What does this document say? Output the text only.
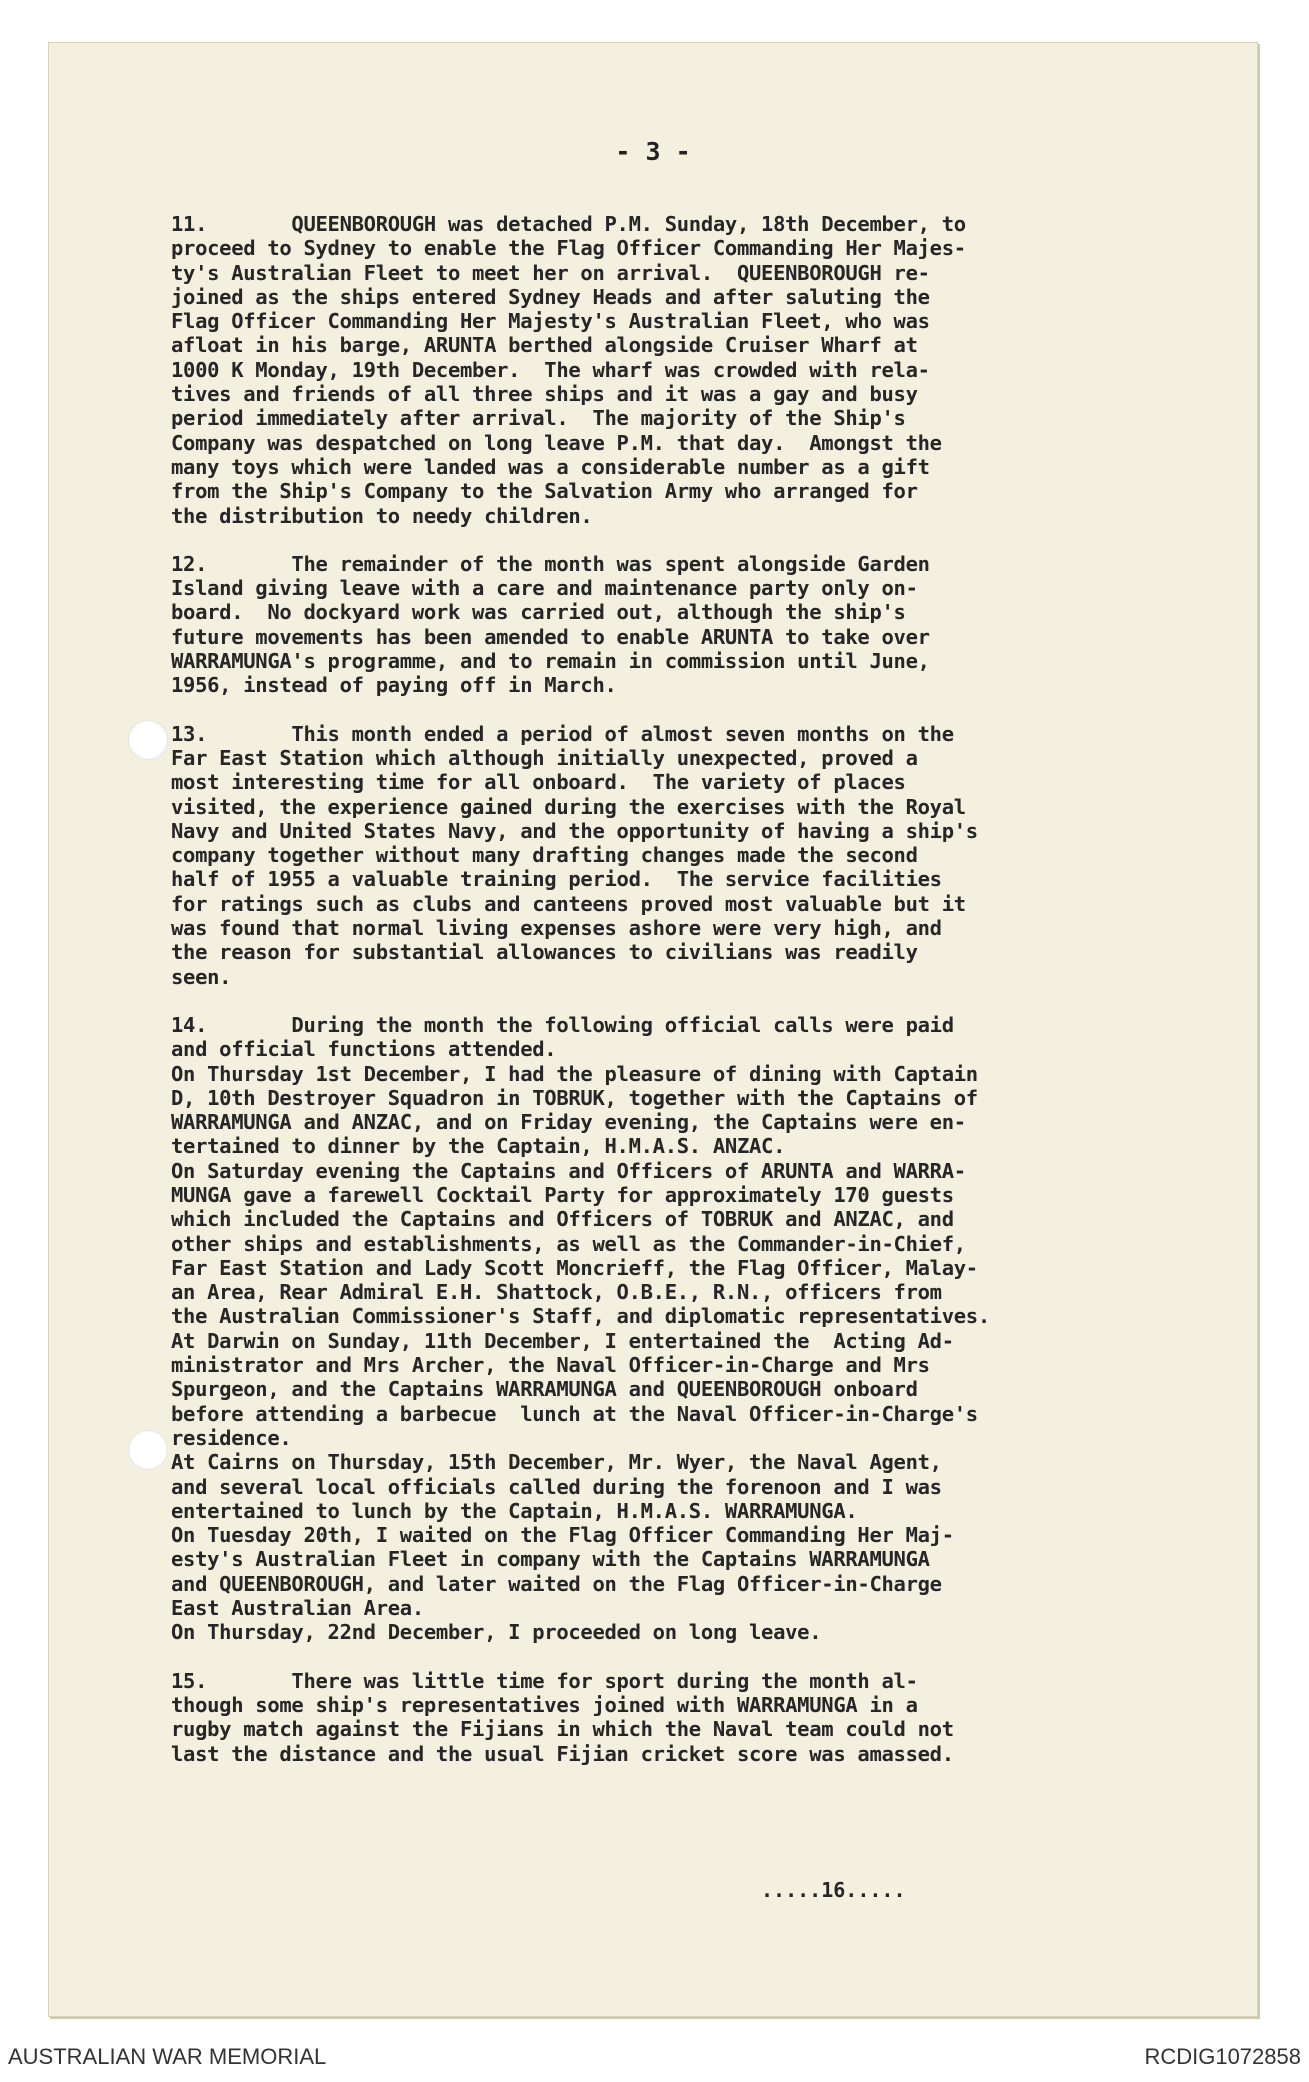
- 3 -
11.       QUEENBOROUGH was detached P.M. Sunday, 18th December, to
proceed to Sydney to enable the Flag Officer Commanding Her Majes-
ty's Australian Fleet to meet her on arrival.  QUEENBOROUGH re-
joined as the ships entered Sydney Heads and after saluting the
Flag Officer Commanding Her Majesty's Australian Fleet, who was
afloat in his barge, ARUNTA berthed alongside Cruiser Wharf at
1000 K Monday, 19th December.  The wharf was crowded with rela-
tives and friends of all three ships and it was a gay and busy
period immediately after arrival.  The majority of the Ship's
Company was despatched on long leave P.M. that day.  Amongst the
many toys which were landed was a considerable number as a gift
from the Ship's Company to the Salvation Army who arranged for
the distribution to needy children.
12.       The remainder of the month was spent alongside Garden
Island giving leave with a care and maintenance party only on-
board.  No dockyard work was carried out, although the ship's
future movements has been amended to enable ARUNTA to take over
WARRAMUNGA's programme, and to remain in commission until June,
1956, instead of paying off in March.
13.       This month ended a period of almost seven months on the
Far East Station which although initially unexpected, proved a
most interesting time for all onboard.  The variety of places
visited, the experience gained during the exercises with the Royal
Navy and United States Navy, and the opportunity of having a ship's
company together without many drafting changes made the second
half of 1955 a valuable training period.  The service facilities
for ratings such as clubs and canteens proved most valuable but it
was found that normal living expenses ashore were very high, and
the reason for substantial allowances to civilians was readily
seen.
14.       During the month the following official calls were paid
and official functions attended.
On Thursday 1st December, I had the pleasure of dining with Captain
D, 10th Destroyer Squadron in TOBRUK, together with the Captains of
WARRAMUNGA and ANZAC, and on Friday evening, the Captains were en-
tertained to dinner by the Captain, H.M.A.S. ANZAC.
On Saturday evening the Captains and Officers of ARUNTA and WARRA-
MUNGA gave a farewell Cocktail Party for approximately 170 guests
which included the Captains and Officers of TOBRUK and ANZAC, and
other ships and establishments, as well as the Commander-in-Chief,
Far East Station and Lady Scott Moncrieff, the Flag Officer, Malay-
an Area, Rear Admiral E.H. Shattock, O.B.E., R.N., officers from
the Australian Commissioner's Staff, and diplomatic representatives.
At Darwin on Sunday, 11th December, I entertained the  Acting Ad-
ministrator and Mrs Archer, the Naval Officer-in-Charge and Mrs
Spurgeon, and the Captains WARRAMUNGA and QUEENBOROUGH onboard
before attending a barbecue  lunch at the Naval Officer-in-Charge's
residence.
At Cairns on Thursday, 15th December, Mr. Wyer, the Naval Agent,
and several local officials called during the forenoon and I was
entertained to lunch by the Captain, H.M.A.S. WARRAMUNGA.
On Tuesday 20th, I waited on the Flag Officer Commanding Her Maj-
esty's Australian Fleet in company with the Captains WARRAMUNGA
and QUEENBOROUGH, and later waited on the Flag Officer-in-Charge
East Australian Area.
On Thursday, 22nd December, I proceeded on long leave.
15.       There was little time for sport during the month al-
though some ship's representatives joined with WARRAMUNGA in a
rugby match against the Fijians in which the Naval team could not
last the distance and the usual Fijian cricket score was amassed.
.....16.....
AUSTRALIAN WAR MEMORIAL	RCDIG1072858
